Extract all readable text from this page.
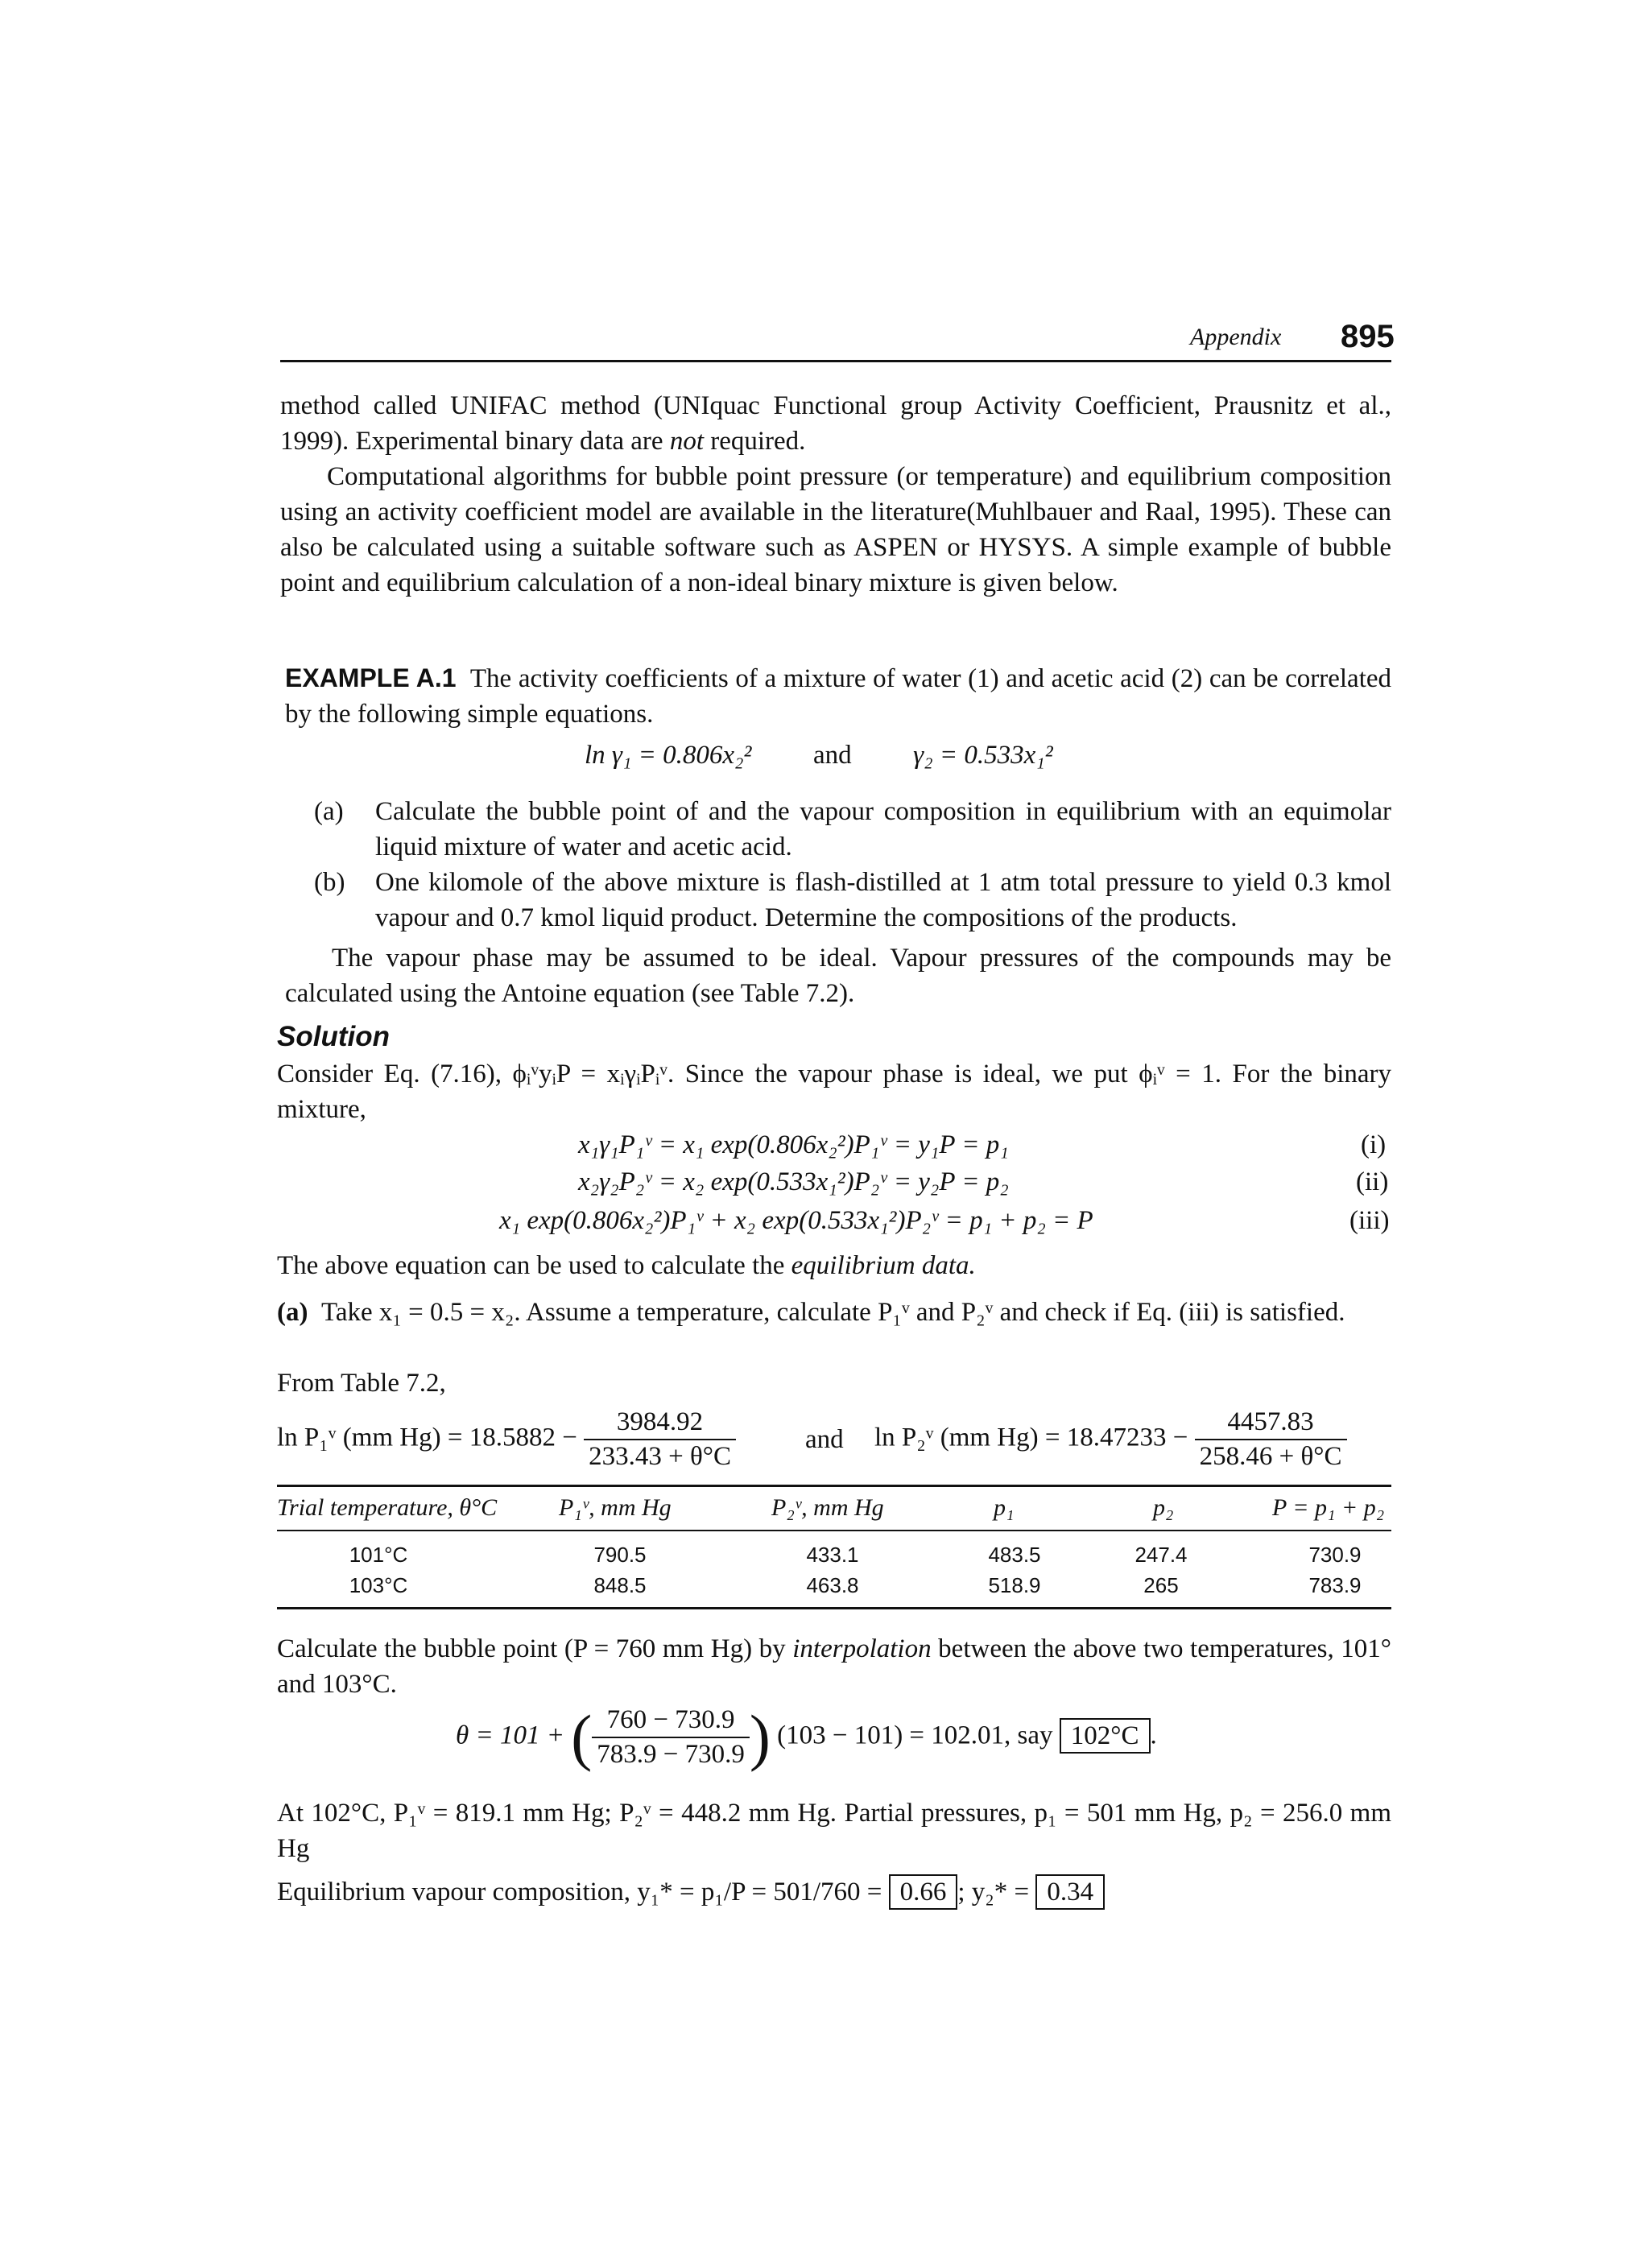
Appendix 895
method called UNIFAC method (UNIquac Functional group Activity Coefficient, Prausnitz et al., 1999). Experimental binary data are not required.
Computational algorithms for bubble point pressure (or temperature) and equilibrium composition using an activity coefficient model are available in the literature(Muhlbauer and Raal, 1995). These can also be calculated using a suitable software such as ASPEN or HYSYS. A simple example of bubble point and equilibrium calculation of a non-ideal binary mixture is given below.
EXAMPLE A.1 The activity coefficients of a mixture of water (1) and acetic acid (2) can be correlated by the following simple equations.
ln γ₁ = 0.806x₂² and γ₂ = 0.533x₁²
(a) Calculate the bubble point of and the vapour composition in equilibrium with an equimolar liquid mixture of water and acetic acid.
(b) One kilomole of the above mixture is flash-distilled at 1 atm total pressure to yield 0.3 kmol vapour and 0.7 kmol liquid product. Determine the compositions of the products.
The vapour phase may be assumed to be ideal. Vapour pressures of the compounds may be calculated using the Antoine equation (see Table 7.2).
Solution
Consider Eq. (7.16), ϕᵢᵛyᵢP = xᵢγᵢPᵢᵛ. Since the vapour phase is ideal, we put ϕᵢᵛ = 1. For the binary mixture,
x₁γ₁P₁ᵛ = x₁ exp(0.806x₂²)P₁ᵛ = y₁P = p₁	(i)
x₂γ₂P₂ᵛ = x₂ exp(0.533x₁²)P₂ᵛ = y₂P = p₂	(ii)
x₁ exp(0.806x₂²)P₁ᵛ + x₂ exp(0.533x₁²)P₂ᵛ = p₁ + p₂ = P	(iii)
The above equation can be used to calculate the equilibrium data.
(a) Take x₁ = 0.5 = x₂. Assume a temperature, calculate P₁ᵛ and P₂ᵛ and check if Eq. (iii) is satisfied.
From Table 7.2,
ln P₁ᵛ (mm $Hg) = 18.5882 - \frac{3984.92}{233.43 + \theta^\circ C}$	and ln P₂ᵛ (mm $Hg) = 18.47233 - \frac{4457.83}{258.46 + \theta^\circ C}$
Trial temperature, θ°C	P₁ᵛ, mm Hg	P₂ᵛ, mm Hg	p₁	p₂	P = p₁ + p₂
101°C	790.5	433.1	483.5	247.4	730.9
103°C	848.5	463.8	518.9	265	783.9
Calculate the bubble point (P = 760 mm Hg) by interpolation between the above two temperatures, 101° and 103°C.
θ = 101 + ( $\frac{760 - 730.9}{783.9 - 730.9}$ ) (103 − 101) = 102.01, say 102°C .
At 102°C, P₁ᵛ = 819.1 mm Hg; P₂ᵛ = 448.2 mm Hg. Partial pressures, p₁ = 501 mm Hg, p₂ = 256.0 mm Hg
Equilibrium vapour composition, y₁* = p₁/P = 501/760 = 0.66 ; y₂* = 0.34
